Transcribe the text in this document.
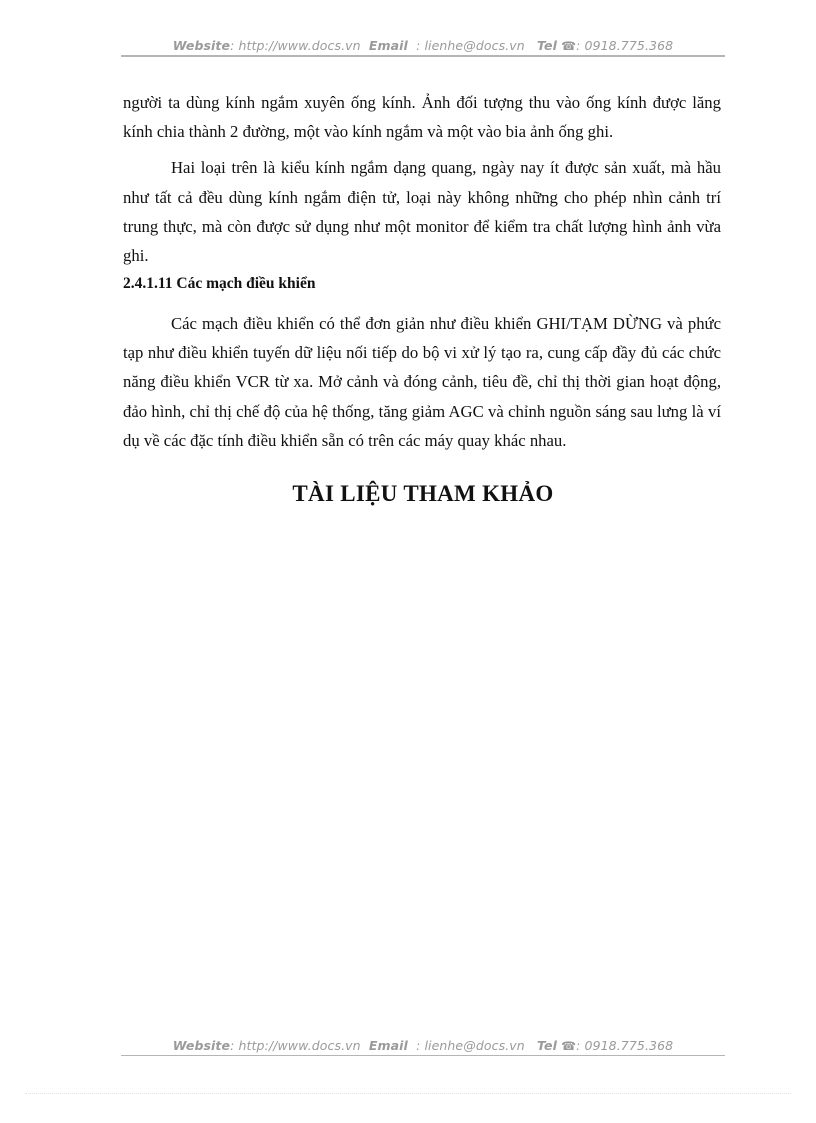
Website: http://www.docs.vn Email : lienhe@docs.vn Tel ☎: 0918.775.368

người ta dùng kính ngắm xuyên ống kính. Ảnh đối tượng thu vào ống kính được lăng kính chia thành 2 đường, một vào kính ngắm và một vào bia ảnh ống ghi.

Hai loại trên là kiểu kính ngắm dạng quang, ngày nay ít được sản xuất, mà hầu như tất cả đều dùng kính ngắm điện tử, loại này không những cho phép nhìn cảnh trí trung thực, mà còn được sử dụng như một monitor để kiểm tra chất lượng hình ảnh vừa ghi.

2.4.1.11 Các mạch điều khiển

Các mạch điều khiển có thể đơn giản như điều khiển GHI/TẠM DỪNG và phức tạp như điều khiển tuyến dữ liệu nối tiếp do bộ vi xử lý tạo ra, cung cấp đầy đủ các chức năng điều khiển VCR từ xa. Mở cảnh và đóng cảnh, tiêu đề, chỉ thị thời gian hoạt động, đảo hình, chỉ thị chế độ của hệ thống, tăng giảm AGC và chỉnh nguồn sáng sau lưng là ví dụ về các đặc tính điều khiển sẵn có trên các máy quay khác nhau.

TÀI LIỆU THAM KHẢO
Website: http://www.docs.vn Email : lienhe@docs.vn Tel ☎: 0918.775.368
